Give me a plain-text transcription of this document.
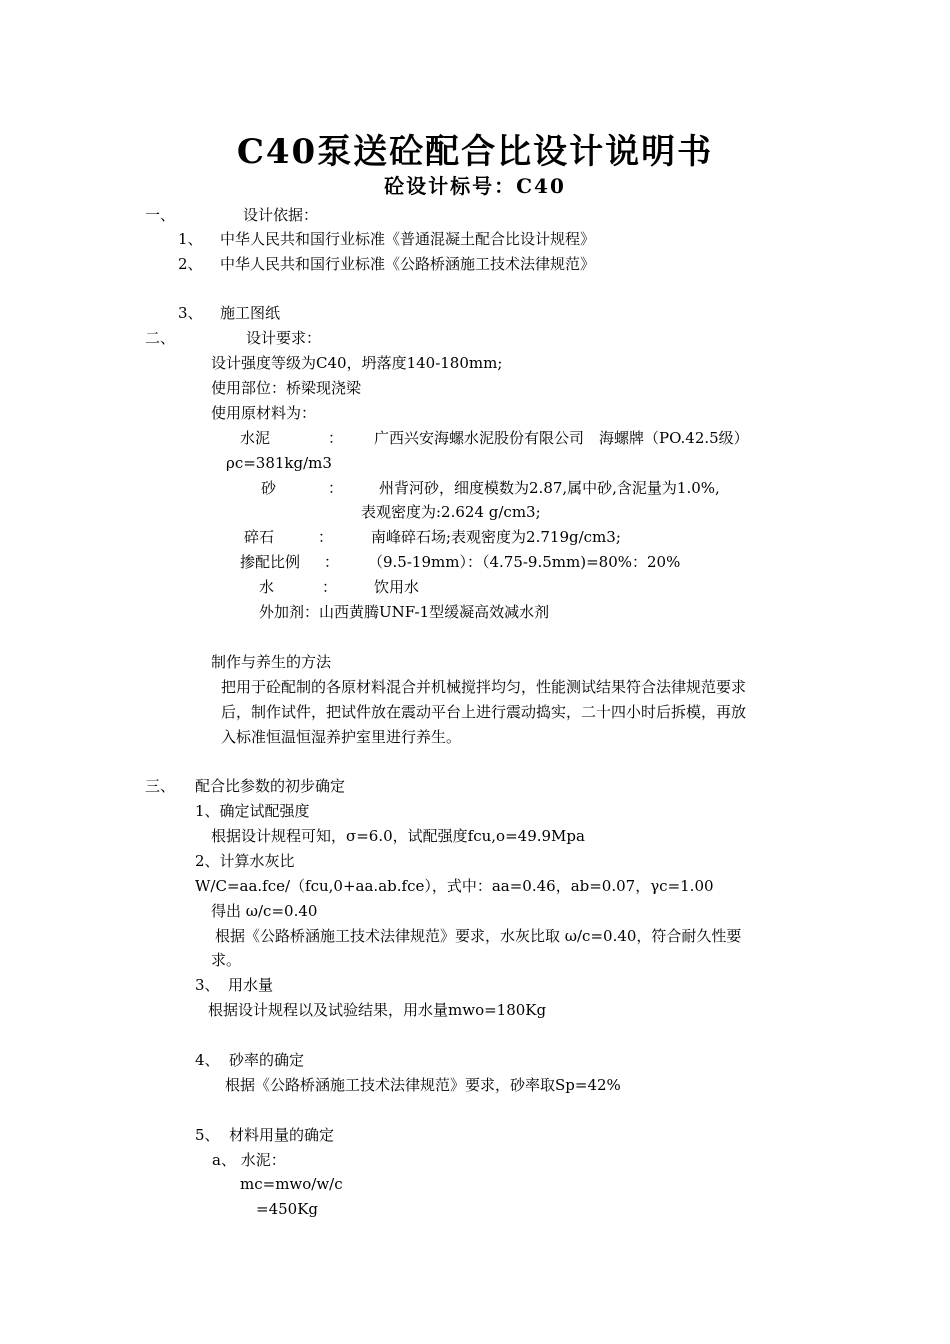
C40泵送砼配合比设计说明书
砼设计标号：C40
一、	设计依据：
1、 中华人民共和国行业标准《普通混凝土配合比设计规程》
2、 中华人民共和国行业标准《公路桥涵施工技术法律规范》
3、 施工图纸
二、	设计要求：
设计强度等级为C40，坍落度140-180mm;
使用部位：桥梁现浇梁
使用原材料为：
水泥	： 广西兴安海螺水泥股份有限公司　海螺牌（PO.42.5级）
ρc=381kg/m3
砂	： 州背河砂，细度模数为2.87,属中砂,含泥量为1.0%,
表观密度为:2.624 g/cm3;
碎石	：	南峰碎石场;表观密度为2.719g/cm3;
掺配比例 ： （9.5-19mm）：（4.75-9.5mm)=80%：20%
水	： 饮用水
外加剂：山西黄腾UNF-1型缓凝高效减水剂
制作与养生的方法
把用于砼配制的各原材料混合并机械搅拌均匀，性能测试结果符合法律规范要求
后，制作试件，把试件放在震动平台上进行震动捣实，二十四小时后拆模，再放
入标准恒温恒湿养护室里进行养生。
三、 配合比参数的初步确定
1、确定试配强度
根据设计规程可知，σ=6.0，试配强度fcu,o=49.9Mpa
2、计算水灰比
W/C=aa.fce/（fcu,0+aa.ab.fce），式中：aa=0.46，ab=0.07，γc=1.00
得出 ω/c=0.40
根据《公路桥涵施工技术法律规范》要求，水灰比取 ω/c=0.40，符合耐久性要
求。
3、 用水量
根据设计规程以及试验结果，用水量mwo=180Kg
4、 砂率的确定
根据《公路桥涵施工技术法律规范》要求，砂率取Sp=42%
5、 材料用量的确定
a、 水泥：
mc=mwo/w/c
=450Kg
